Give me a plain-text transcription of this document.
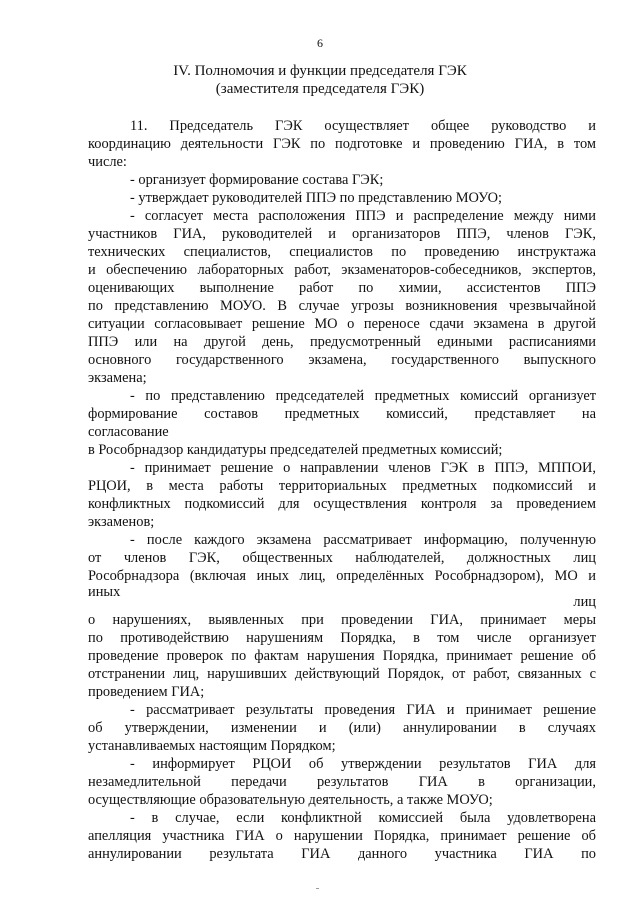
6
IV. Полномочия и функции председателя ГЭК
(заместителя председателя ГЭК)
11. Председатель ГЭК осуществляет общее руководство и
координацию деятельности ГЭК по подготовке и проведению ГИА, в том
числе:
- организует формирование состава ГЭК;
- утверждает руководителей ППЭ по представлению МОУО;
- согласует места расположения ППЭ и распределение между ними
участников ГИА, руководителей и организаторов ППЭ, членов ГЭК,
технических специалистов, специалистов по проведению инструктажа
и обеспечению лабораторных работ, экзаменаторов-собеседников, экспертов,
оценивающих выполнение работ по химии, ассистентов ППЭ
по представлению МОУО. В случае угрозы возникновения чрезвычайной
ситуации согласовывает решение МО о переносе сдачи экзамена в другой
ППЭ или на другой день, предусмотренный едиными расписаниями
основного государственного экзамена, государственного выпускного
экзамена;
- по представлению председателей предметных комиссий организует
формирование составов предметных комиссий, представляет на
согласование
в Рособрнадзор кандидатуры председателей предметных комиссий;
- принимает решение о направлении членов ГЭК в ППЭ, МППОИ,
РЦОИ, в места работы территориальных предметных подкомиссий и
конфликтных подкомиссий для осуществления контроля за проведением
экзаменов;
- после каждого экзамена рассматривает информацию, полученную
от членов ГЭК, общественных наблюдателей, должностных лиц
Рособрнадзора (включая иных лиц, определённых Рособрнадзором), МО и
иных
лиц
о нарушениях, выявленных при проведении ГИА, принимает меры
по противодействию нарушениям Порядка, в том числе организует
проведение проверок по фактам нарушения Порядка, принимает решение об
отстранении лиц, нарушивших действующий Порядок, от работ, связанных с
проведением ГИА;
- рассматривает результаты проведения ГИА и принимает решение
об утверждении, изменении и (или) аннулировании в случаях
устанавливаемых настоящим Порядком;
- информирует РЦОИ об утверждении результатов ГИА для
незамедлительной передачи результатов ГИА в организации,
осуществляющие образовательную деятельность, а также МОУО;
- в случае, если конфликтной комиссией была удовлетворена
апелляция участника ГИА о нарушении Порядка, принимает решение об
аннулировании результата ГИА данного участника ГИА по
